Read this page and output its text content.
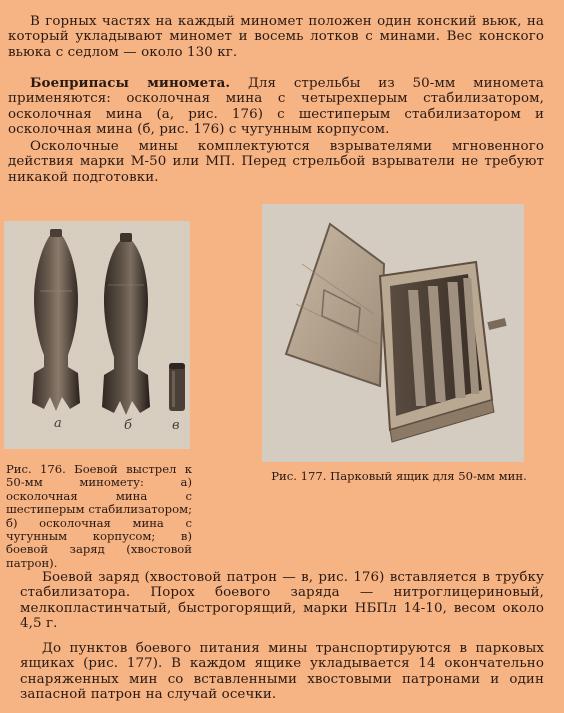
В горных частях на каждый миномет положен один конский вьюк, на который укладывают миномет и восемь лотков с минами. Вес конского вьюка с седлом — около 130 кг.

Боеприпасы миномета. Для стрельбы из 50-мм миномета применяются: осколочная мина с четырехперым стабилизатором, осколочная мина (а, рис. 176) с шестиперым стабилизатором и осколочная мина (б, рис. 176) с чугунным корпусом.

Осколочные мины комплектуются взрывателями мгновенного действия марки М-50 или МП. Перед стрельбой взрыватели не требуют никакой подготовки.

а	б	в

Рис. 176. Боевой выстрел к 50-мм миномету: а) осколочная мина с шестиперым стабилизатором; б) осколочная мина с чугунным корпусом; в) боевой заряд (хвостовой патрон).

Рис. 177. Парковый ящик для 50-мм мин.

Боевой заряд (хвостовой патрон — в, рис. 176) вставляется в трубку стабилизатора. Порох боевого заряда — нитроглицериновый, мелкопластинчатый, быстрогорящий, марки НБПл 14-10, весом около 4,5 г.

До пунктов боевого питания мины транспортируются в парковых ящиках (рис. 177). В каждом ящике укладывается 14 окончательно снаряженных мин со вставленными хвостовыми патронами и один запасной патрон на случай осечки.
